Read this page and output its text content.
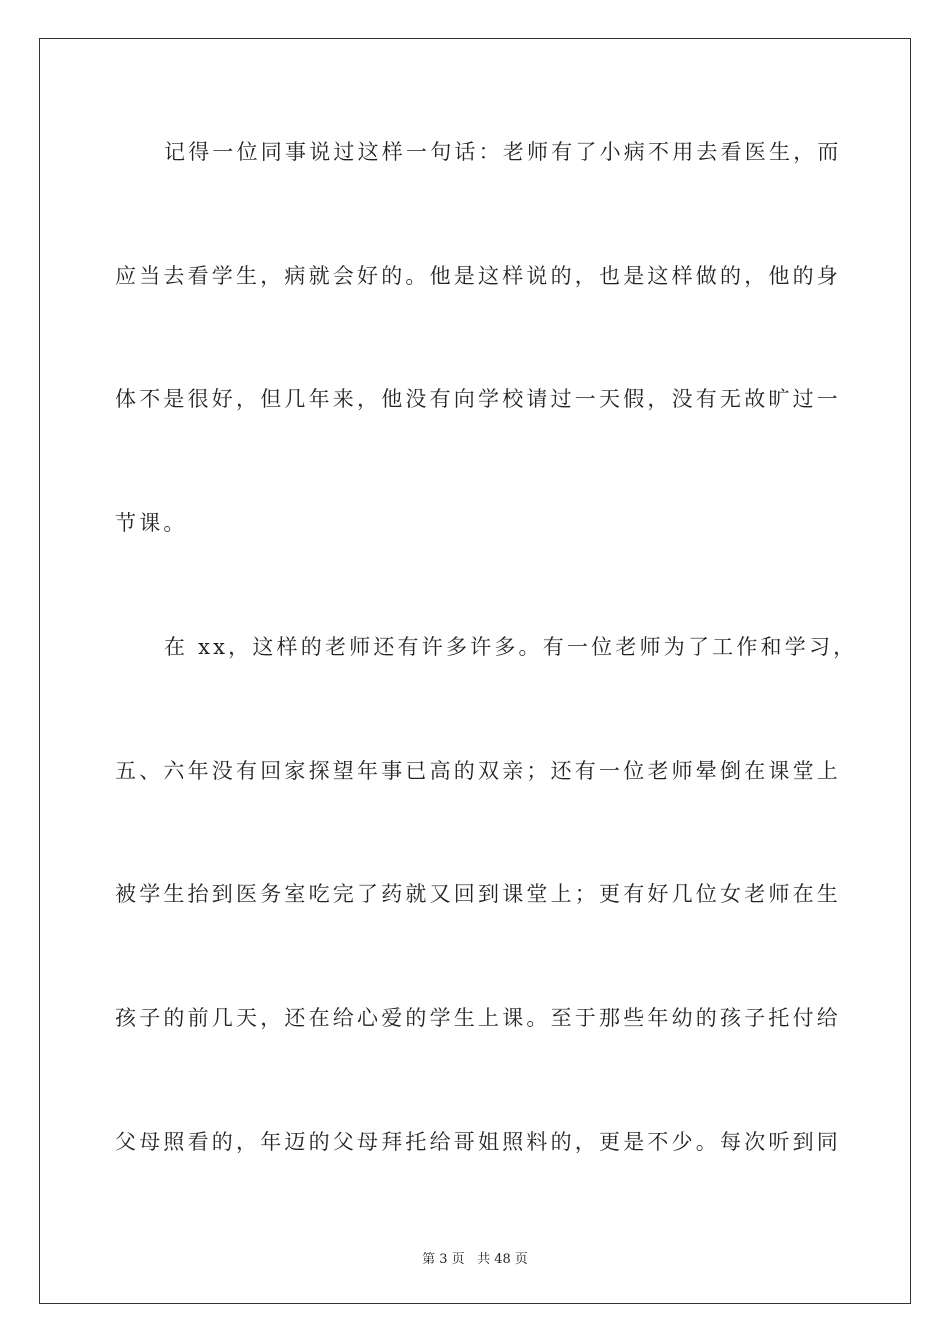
记得一位同事说过这样一句话：老师有了小病不用去看医生，而
应当去看学生，病就会好的。他是这样说的，也是这样做的，他的身
体不是很好，但几年来，他没有向学校请过一天假，没有无故旷过一
节课。
在 xx，这样的老师还有许多许多。有一位老师为了工作和学习，
五、六年没有回家探望年事已高的双亲；还有一位老师晕倒在课堂上
被学生抬到医务室吃完了药就又回到课堂上；更有好几位女老师在生
孩子的前几天，还在给心爱的学生上课。至于那些年幼的孩子托付给
父母照看的，年迈的父母拜托给哥姐照料的，更是不少。每次听到同
第 3 页 共 48 页
